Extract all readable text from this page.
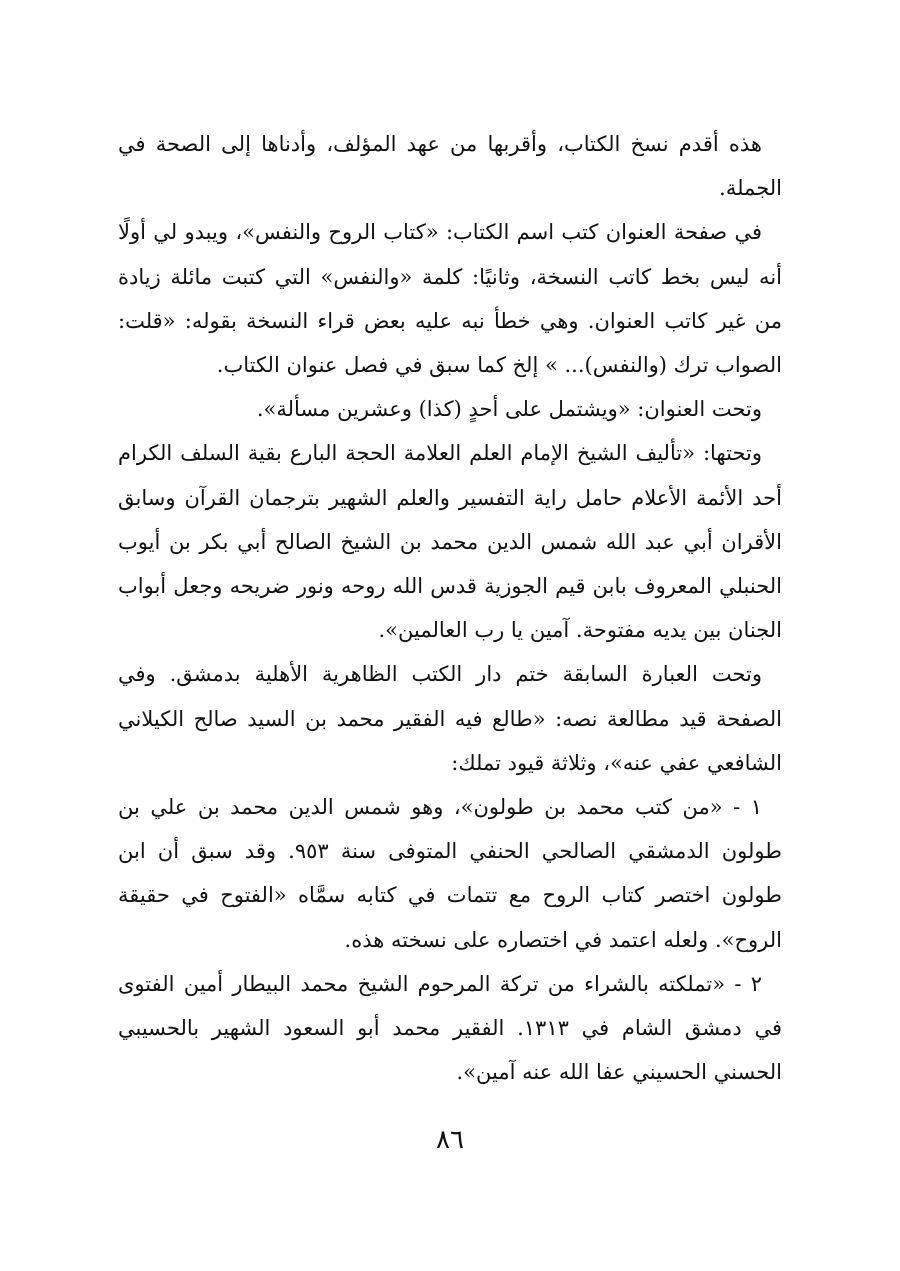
هذه أقدم نسخ الكتاب، وأقربها من عهد المؤلف، وأدناها إلى الصحة في الجملة.

في صفحة العنوان كتب اسم الكتاب: «كتاب الروح والنفس»، ويبدو لي أولًا أنه ليس بخط كاتب النسخة، وثانيًا: كلمة «والنفس» التي كتبت مائلة زيادة من غير كاتب العنوان. وهي خطأ نبه عليه بعض قراء النسخة بقوله: «قلت: الصواب ترك (والنفس)... » إلخ كما سبق في فصل عنوان الكتاب.

وتحت العنوان: «ويشتمل على أحدٍ (كذا) وعشرين مسألة».

وتحتها: «تأليف الشيخ الإمام العلم العلامة الحجة البارع بقية السلف الكرام أحد الأئمة الأعلام حامل راية التفسير والعلم الشهير بترجمان القرآن وسابق الأقران أبي عبد الله شمس الدين محمد بن الشيخ الصالح أبي بكر بن أيوب الحنبلي المعروف بابن قيم الجوزية قدس الله روحه ونور ضريحه وجعل أبواب الجنان بين يديه مفتوحة. آمين يا رب العالمين».

وتحت العبارة السابقة ختم دار الكتب الظاهرية الأهلية بدمشق. وفي الصفحة قيد مطالعة نصه: «طالع فيه الفقير محمد بن السيد صالح الكيلاني الشافعي عفي عنه»، وثلاثة قيود تملك:

١ - «من كتب محمد بن طولون»، وهو شمس الدين محمد بن علي بن طولون الدمشقي الصالحي الحنفي المتوفى سنة ٩٥٣. وقد سبق أن ابن طولون اختصر كتاب الروح مع تتمات في كتابه سمَّاه «الفتوح في حقيقة الروح». ولعله اعتمد في اختصاره على نسخته هذه.

٢ - «تملكته بالشراء من تركة المرحوم الشيخ محمد البيطار أمين الفتوى في دمشق الشام في ١٣١٣. الفقير محمد أبو السعود الشهير بالحسيبي الحسني الحسيني عفا الله عنه آمين».

٨٦
